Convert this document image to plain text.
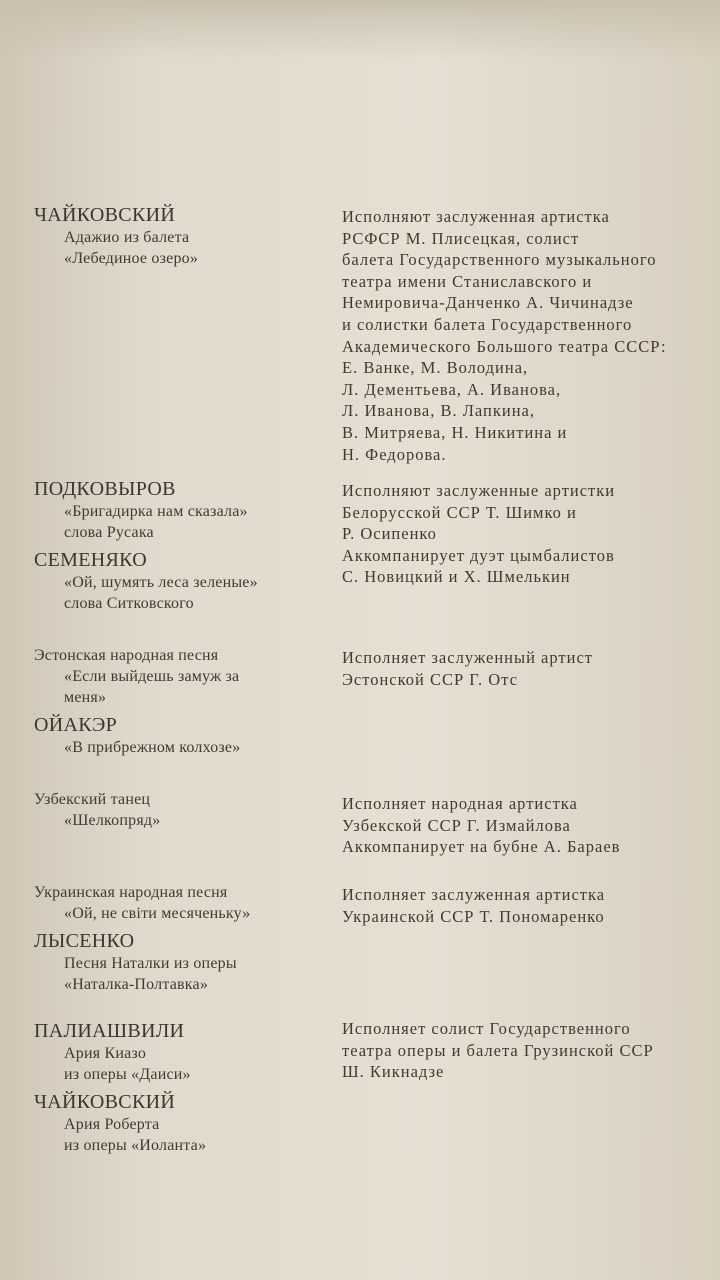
ЧАЙКОВСКИЙ
Адажио из балета
«Лебединое озеро»
Исполняют заслуженная артистка
РСФСР М. Плисецкая, солист
балета Государственного музыкального
театра имени Станиславского и
Немировича-Данченко А. Чичинадзе
и солистки балета Государственного
Академического Большого театра СССР:
Е. Ванке, М. Володина,
Л. Дементьева, А. Иванова,
Л. Иванова, В. Лапкина,
В. Митряева, Н. Никитина и
Н. Федорова.
ПОДКОВЫРОВ
«Бригадирка нам сказала»
слова Русака
СЕМЕНЯКО
«Ой, шумять леса зеленые»
слова Ситковского
Исполняют заслуженные артистки
Белорусской ССР Т. Шимко и
Р. Осипенко
Аккомпанирует дуэт цымбалистов
С. Новицкий и Х. Шмелькин
Эстонская народная песня
«Если выйдешь замуж за
меня»
ОЙАКЭР
«В прибрежном колхозе»
Исполняет заслуженный артист
Эстонской ССР Г. Отс
Узбекский танец
«Шелкопряд»
Исполняет народная артистка
Узбекской ССР Г. Измайлова
Аккомпанирует на бубне А. Бараев
Украинская народная песня
«Ой, не світи месяченьку»
ЛЫСЕНКО
Песня Наталки из оперы
«Наталка-Полтавка»
Исполняет заслуженная артистка
Украинской ССР Т. Пономаренко
ПАЛИАШВИЛИ
Ария Киазо
из оперы «Даиси»
ЧАЙКОВСКИЙ
Ария Роберта
из оперы «Иоланта»
Исполняет солист Государственного
театра оперы и балета Грузинской ССР
Ш. Кикнадзе
